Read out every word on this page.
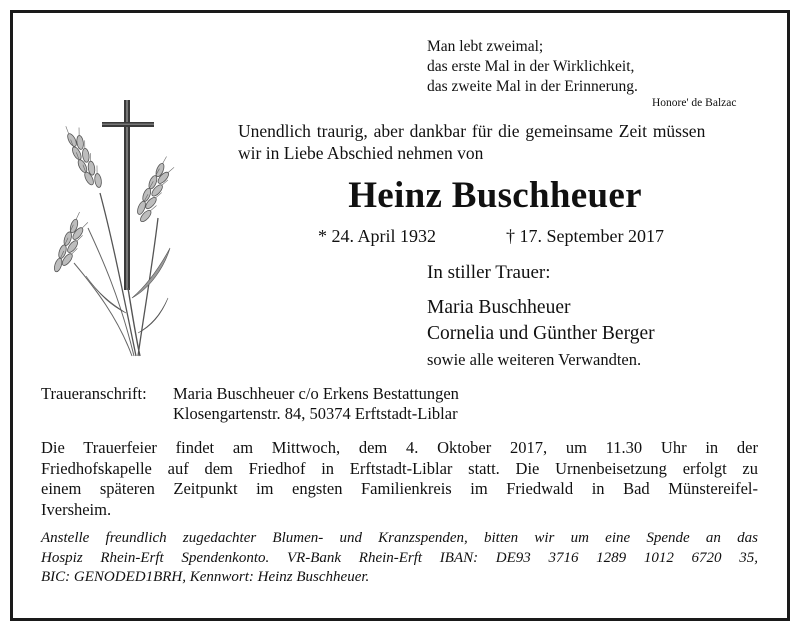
Man lebt zweimal;
das erste Mal in der Wirklichkeit,
das zweite Mal in der Erinnerung.
Honore' de Balzac
Unendlich traurig, aber dankbar für die gemeinsame Zeit müssen
wir in Liebe Abschied nehmen von
Heinz Buschheuer
* 24. April 1932	† 17. September 2017
In stiller Trauer:
Maria Buschheuer
Cornelia und Günther Berger
sowie alle weiteren Verwandten.
Traueranschrift: Maria Buschheuer c/o Erkens Bestattungen
Klosengartenstr. 84, 50374 Erftstadt-Liblar
Die Trauerfeier findet am Mittwoch, dem 4. Oktober 2017, um 11.30 Uhr in der
Friedhofskapelle auf dem Friedhof in Erftstadt-Liblar statt. Die Urnenbeisetzung erfolgt zu
einem späteren Zeitpunkt im engsten Familienkreis im Friedwald in Bad Münstereifel-
Iversheim.
Anstelle freundlich zugedachter Blumen- und Kranzspenden, bitten wir um eine Spende an das
Hospiz Rhein-Erft Spendenkonto. VR-Bank Rhein-Erft IBAN: DE93 3716 1289 1012 6720 35,
BIC: GENODED1BRH, Kennwort: Heinz Buschheuer.
